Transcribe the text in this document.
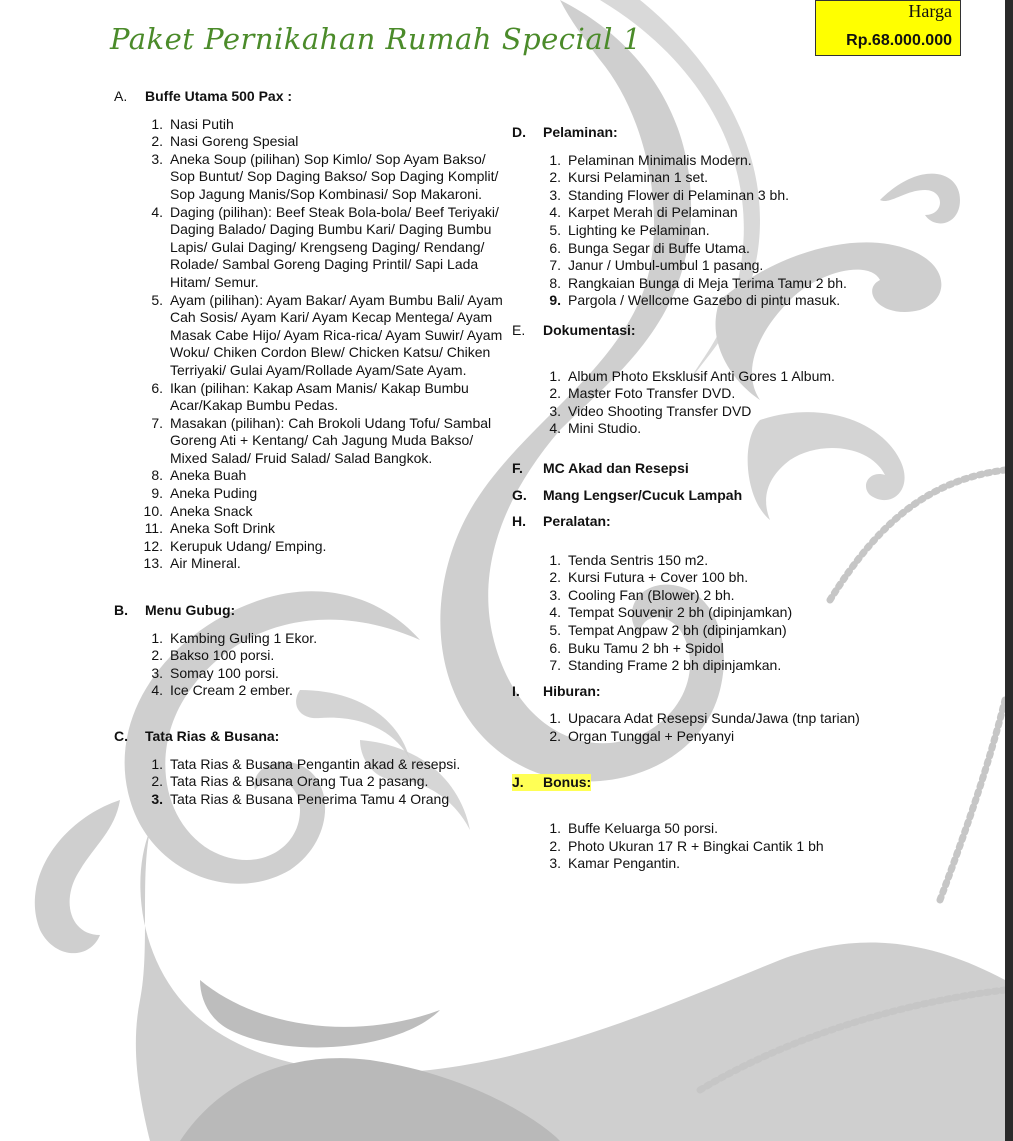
Paket Pernikahan Rumah Special 1
Harga
Rp.68.000.000
A.	Buffe Utama 500 Pax :
1. Nasi Putih
2. Nasi Goreng Spesial
3. Aneka Soup (pilihan) Sop Kimlo/ Sop Ayam Bakso/ Sop Buntut/ Sop Daging Bakso/ Sop Daging Komplit/ Sop Jagung Manis/Sop Kombinasi/ Sop Makaroni.
4. Daging (pilihan): Beef Steak Bola-bola/ Beef Teriyaki/ Daging Balado/ Daging Bumbu Kari/ Daging Bumbu Lapis/ Gulai Daging/ Krengseng Daging/ Rendang/ Rolade/ Sambal Goreng Daging Printil/ Sapi Lada Hitam/ Semur.
5. Ayam (pilihan): Ayam Bakar/ Ayam Bumbu Bali/ Ayam Cah Sosis/ Ayam Kari/ Ayam Kecap Mentega/ Ayam Masak Cabe Hijo/ Ayam Rica-rica/ Ayam Suwir/ Ayam Woku/ Chiken Cordon Blew/ Chicken Katsu/ Chiken Terriyaki/ Gulai Ayam/Rollade Ayam/Sate Ayam.
6. Ikan (pilihan: Kakap Asam Manis/ Kakap Bumbu Acar/Kakap Bumbu Pedas.
7. Masakan (pilihan): Cah Brokoli Udang Tofu/ Sambal Goreng Ati + Kentang/ Cah Jagung Muda Bakso/ Mixed Salad/ Fruid Salad/ Salad Bangkok.
8. Aneka Buah
9. Aneka Puding
10. Aneka Snack
11. Aneka Soft Drink
12. Kerupuk Udang/ Emping.
13. Air Mineral.
B.	Menu Gubug:
1. Kambing Guling 1 Ekor.
2. Bakso 100 porsi.
3. Somay 100 porsi.
4. Ice Cream 2 ember.
C.	Tata Rias & Busana:
1. Tata Rias & Busana Pengantin akad & resepsi.
2. Tata Rias & Busana Orang Tua 2 pasang.
3. Tata Rias & Busana Penerima Tamu 4 Orang
D.	Pelaminan:
1. Pelaminan Minimalis Modern.
2. Kursi Pelaminan 1 set.
3. Standing Flower di Pelaminan 3 bh.
4. Karpet Merah di Pelaminan
5. Lighting ke Pelaminan.
6. Bunga Segar di Buffe Utama.
7. Janur / Umbul-umbul 1 pasang.
8. Rangkaian Bunga di Meja Terima Tamu 2 bh.
9. Pargola / Wellcome Gazebo di pintu masuk.
E.	Dokumentasi:
1. Album Photo Eksklusif Anti Gores 1 Album.
2. Master Foto Transfer DVD.
3. Video Shooting Transfer DVD
4. Mini Studio.
F.	MC Akad dan Resepsi
G.	Mang Lengser/Cucuk Lampah
H.	Peralatan:
1. Tenda Sentris 150 m2.
2. Kursi Futura + Cover 100 bh.
3. Cooling Fan (Blower) 2 bh.
4. Tempat Souvenir 2 bh (dipinjamkan)
5. Tempat Angpaw 2 bh (dipinjamkan)
6. Buku Tamu 2 bh + Spidol
7. Standing Frame 2 bh dipinjamkan.
I.	Hiburan:
1. Upacara Adat Resepsi Sunda/Jawa (tnp tarian)
2. Organ Tunggal + Penyanyi
J.	Bonus:
1. Buffe Keluarga 50 porsi.
2. Photo Ukuran 17 R + Bingkai Cantik 1 bh
3. Kamar Pengantin.
